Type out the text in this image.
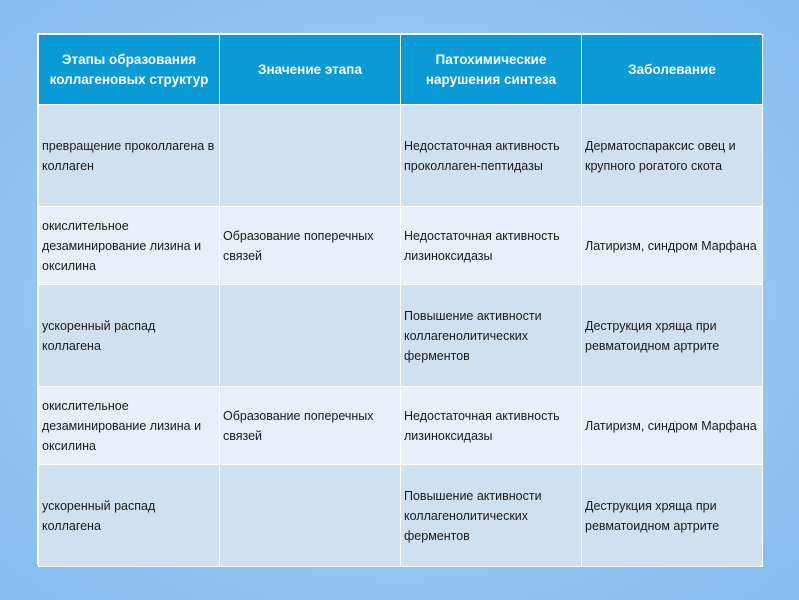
Этапы образования коллагеновых структур	Значение этапа	Патохимические нарушения синтеза	Заболевание
превращение проколлагена в коллаген		Недостаточная активность проколлаген-пептидазы	Дерматоспараксис овец и крупного рогатого скота
окислительное дезаминирование лизина и оксилина	Образование поперечных связей	Недостаточная активность лизиноксидазы	Латиризм, синдром Марфана
ускоренный распад коллагена		Повышение активности коллагенолитических ферментов	Деструкция хряща при ревматоидном артрите
окислительное дезаминирование лизина и оксилина	Образование поперечных связей	Недостаточная активность лизиноксидазы	Латиризм, синдром Марфана
ускоренный распад коллагена		Повышение активности коллагенолитических ферментов	Деструкция хряща при ревматоидном артрите
